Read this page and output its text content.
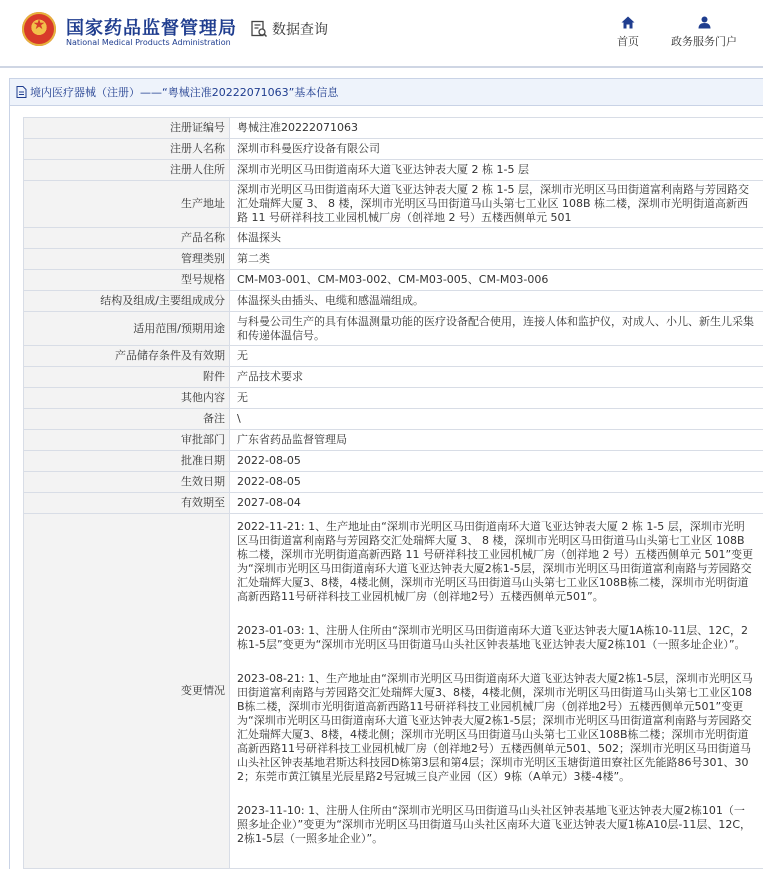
★
国家药品监督管理局
National Medical Products Administration
数据查询
首页	政务服务门户
境内医疗器械（注册）——“粤械注准20222071063”基本信息
注册证编号	粤械注准20222071063
注册人名称	深圳市科曼医疗设备有限公司
注册人住所	深圳市光明区马田街道南环大道飞亚达钟表大厦 2 栋 1-5 层
生产地址	深圳市光明区马田街道南环大道飞亚达钟表大厦 2 栋 1-5 层，深圳市光明区马田街道富利南路与芳园路交汇处瑞辉大厦 3、 8 楼，深圳市光明区马田街道马山头第七工业区 108B 栋二楼，深圳市光明街道高新西路 11 号研祥科技工业园机械厂房（创祥地 2 号）五楼西侧单元 501
产品名称	体温探头
管理类别	第二类
型号规格	CM-M03-001、CM-M03-002、CM-M03-005、CM-M03-006
结构及组成/主要组成成分	体温探头由插头、电缆和感温端组成。
适用范围/预期用途	与科曼公司生产的具有体温测量功能的医疗设备配合使用，连接人体和监护仪，对成人、小儿、新生儿采集和传递体温信号。
产品储存条件及有效期	无
附件	产品技术要求
其他内容	无
备注	\
审批部门	广东省药品监督管理局
批准日期	2022-08-05
生效日期	2022-08-05
有效期至	2027-08-04
变更情况	2022-11-21: 1、生产地址由“深圳市光明区马田街道南环大道飞亚达钟表大厦 2 栋 1-5 层，深圳市光明区马田街道富利南路与芳园路交汇处瑞辉大厦 3、 8 楼，深圳市光明区马田街道马山头第七工业区 108B 栋二楼，深圳市光明街道高新西路 11 号研祥科技工业园机械厂房（创祥地 2 号）五楼西侧单元 501”变更为“深圳市光明区马田街道南环大道飞亚达钟表大厦2栋1-5层，深圳市光明区马田街道富利南路与芳园路交汇处瑞辉大厦3、8楼，4楼北侧，深圳市光明区马田街道马山头第七工业区108B栋二楼，深圳市光明街道高新西路11号研祥科技工业园机械厂房（创祥地2号）五楼西侧单元501”。

2023-01-03: 1、注册人住所由“深圳市光明区马田街道南环大道飞亚达钟表大厦1A栋10-11层、12C，2栋1-5层”变更为“深圳市光明区马田街道马山头社区钟表基地飞亚达钟表大厦2栋101（一照多址企业）”。

2023-08-21: 1、生产地址由“深圳市光明区马田街道南环大道飞亚达钟表大厦2栋1-5层，深圳市光明区马田街道富利南路与芳园路交汇处瑞辉大厦3、8楼，4楼北侧，深圳市光明区马田街道马山头第七工业区108B栋二楼，深圳市光明街道高新西路11号研祥科技工业园机械厂房（创祥地2号）五楼西侧单元501”变更为“深圳市光明区马田街道南环大道飞亚达钟表大厦2栋1-5层；深圳市光明区马田街道富利南路与芳园路交汇处瑞辉大厦3、8楼，4楼北侧；深圳市光明区马田街道马山头第七工业区108B栋二楼；深圳市光明街道高新西路11号研祥科技工业园机械厂房（创祥地2号）五楼西侧单元501、502；深圳市光明区马田街道马山头社区钟表基地君斯达科技园D栋第3层和第4层；深圳市光明区玉塘街道田寮社区先能路86号301、302；东莞市黄江镇星光辰星路2号冠城三良产业园（区）9栋（A单元）3楼-4楼”。

2023-11-10: 1、注册人住所由“深圳市光明区马田街道马山头社区钟表基地飞亚达钟表大厦2栋101（一照多址企业）”变更为“深圳市光明区马田街道马山头社区南环大道飞亚达钟表大厦1栋A10层-11层、12C，2栋1-5层（一照多址企业）”。
